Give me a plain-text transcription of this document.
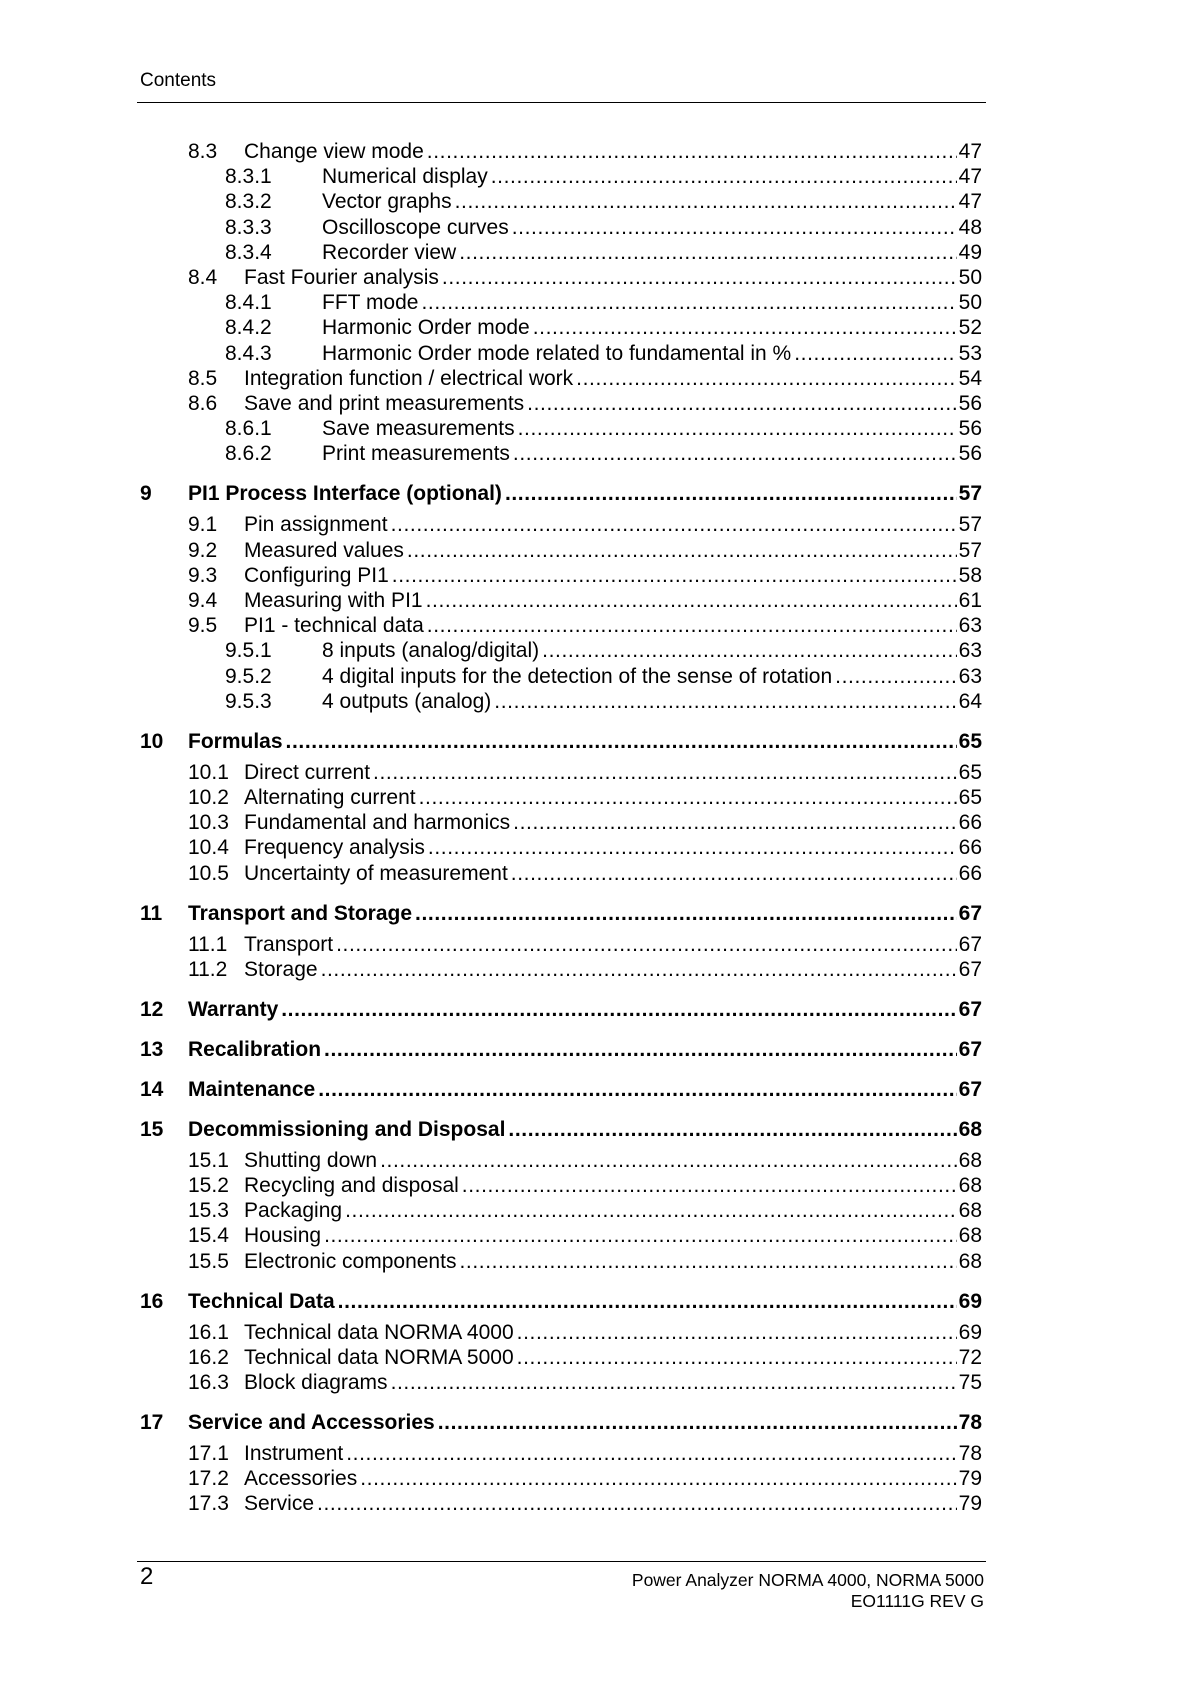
Contents
8.3	Change view mode .....	47
8.3.1	Numerical display .....	47
8.3.2	Vector graphs .....	47
8.3.3	Oscilloscope curves .....	48
8.3.4	Recorder view .....	49
8.4	Fast Fourier analysis .....	50
8.4.1	FFT mode .....	50
8.4.2	Harmonic Order mode .....	52
8.4.3	Harmonic Order mode related to fundamental in % .....	53
8.5	Integration function / electrical work .....	54
8.6	Save and print measurements .....	56
8.6.1	Save measurements .....	56
8.6.2	Print measurements .....	56
9	PI1 Process Interface (optional) .....	57
9.1	Pin assignment .....	57
9.2	Measured values .....	57
9.3	Configuring PI1 .....	58
9.4	Measuring with PI1 .....	61
9.5	PI1 - technical data .....	63
9.5.1	8 inputs (analog/digital) .....	63
9.5.2	4 digital inputs for the detection of the sense of rotation .....	63
9.5.3	4 outputs (analog) .....	64
10	Formulas .....	65
10.1 Direct current .....	65
10.2 Alternating current .....	65
10.3 Fundamental and harmonics .....	66
10.4 Frequency analysis .....	66
10.5 Uncertainty of measurement .....	66
11	Transport and Storage .....	67
11.1 Transport .....	67
11.2 Storage .....	67
12	Warranty .....	67
13	Recalibration .....	67
14	Maintenance .....	67
15	Decommissioning and Disposal .....	68
15.1 Shutting down .....	68
15.2 Recycling and disposal .....	68
15.3 Packaging .....	68
15.4 Housing .....	68
15.5 Electronic components .....	68
16	Technical Data .....	69
16.1 Technical data NORMA 4000 .....	69
16.2 Technical data NORMA 5000 .....	72
16.3 Block diagrams .....	75
17	Service and Accessories .....	78
17.1 Instrument .....	78
17.2 Accessories .....	79
17.3 Service .....	79
2	Power Analyzer NORMA 4000, NORMA 5000
EO1111G REV G
